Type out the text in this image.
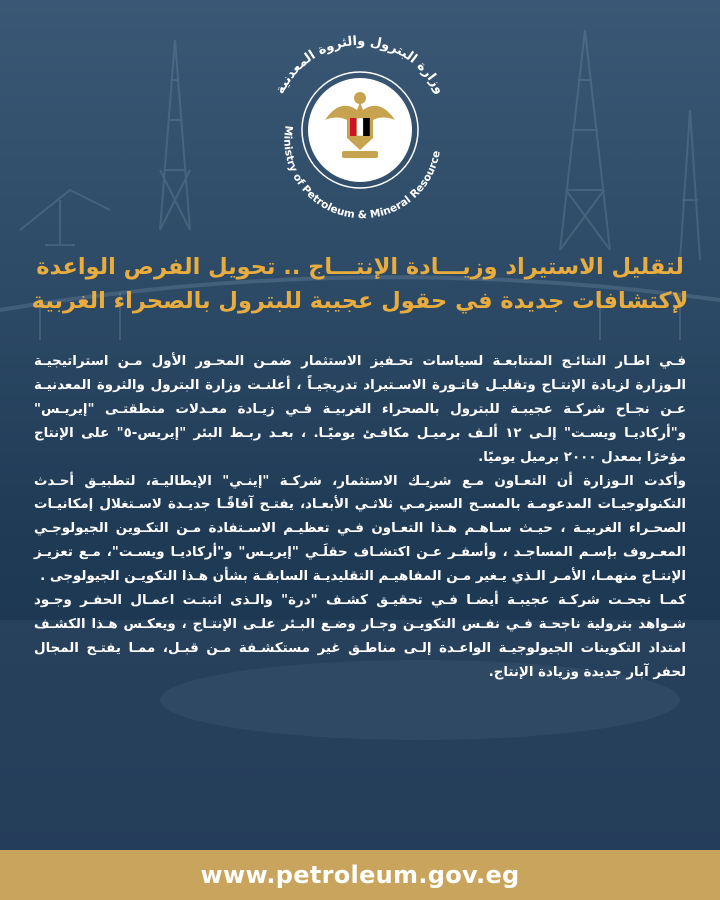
وزارة البترول والثروة المعدنية
Ministry of Petroleum & Mineral Resource
لتقليل الاستيراد وزيـــادة الإنتـــاج .. تحويل الفرص الواعدة
لإكتشافات جديدة في حقول عجيبة للبترول بالصحراء الغربية

فـي اطـار النتائـج المتتابعـة لسياسات تحـفيز الاستثمار ضمـن المحـور الأول مـن استراتيجيـة الـوزارة لزيادة الإنتـاج وتقليـل فاتـورة الاسـتيراد تدريجيـاً ، أعلنـت وزارة البترول والثروة المعدنيـة عـن نجـاح شركـة عجيبـة للبترول بالصحراء الغربيـة فـي زيـادة معـدلات منطقتـى "إيريـس" و"أركاديـا ويسـت" إلـى ١٢ ألـف برميـل مكافـئ يوميًـا. ، بعـد ربـط البئر "إيريس-٥" على الإنتاج مؤخرًا بمعدل ٢٠٠٠ برميل يوميًا.

وأكدت الـوزارة أن التعـاون مـع شريـك الاستثمار، شركـة "إينـي" الإيطاليـة، لتطبيـق أحـدث التكنولوجيـات المدعومـة بالمسـح السيزمـي ثلاثـي الأبعـاد، يفتـح آفاقًـا جديـدة لاسـتغلال إمكانيـات الصحـراء الغربيـة ، حيـث سـاهـم هـذا التعـاون فـي تعظيـم الاسـتفادة مـن التكـوين الجيولوجـي المعـروف بإسـم المساجـد ، وأسفـر عـن اكتشـاف حقلَـي "إيريـس" و"أركاديـا ويسـت"، مـع تعزيـز الإنتـاج منهمـا، الأمـر الـذي يـغير مـن المفاهيـم التقليديـة السابقـة بشأن هـذا التكويـن الجيولوجى .

كمـا نجحـت شركـة عجيبـة أيضـا فـي تحقيـق كشـف "درة" والـذى اثبتـت اعمـال الحفـر وجـود شـواهد بترولية ناجحـة فـي نفـس التكويـن وجـار وضـع البـئر علـى الإنتـاج ، ويعكـس هـذا الكشـف امتداد التكوينات الجيولوجيـة الواعـدة إلـى مناطـق غير مستكشـفة مـن قبـل، ممـا يفتـح المجال لحفر آبار جديدة وزيادة الإنتاج.

www.petroleum.gov.eg
